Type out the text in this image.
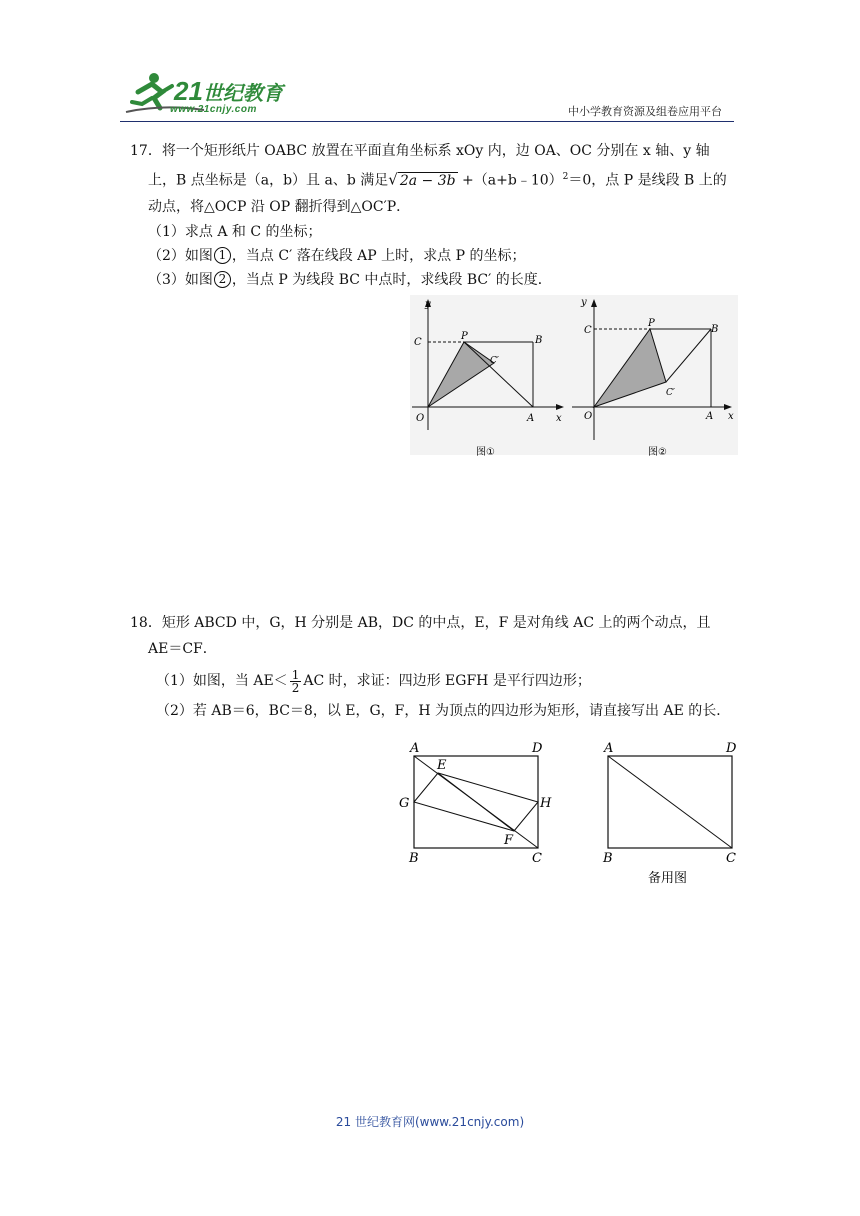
21世纪教育
www.21cnjy.com	中小学教育资源及组卷应用平台
17．将一个矩形纸片 OABC 放置在平面直角坐标系 xOy 内，边 OA、OC 分别在 x 轴、y 轴
上，B 点坐标是（a，b）且 a、b 满足√ 2a − 3b +（a+b﹣10）$^2$＝0，点 P 是线段 B 上的
动点，将△OCP 沿 OP 翻折得到△OC′P．
（1）求点 A 和 C 的坐标；
（2）如图 1 ，当点 C′ 落在线段 AP 上时，求点 P 的坐标；
（3）如图 2 ，当点 P 为线段 BC 中点时，求线段 BC′ 的长度．
y
x
C
P	B
C′
O	A
图①
y
x
C
P
B
C′
O	A
图②
18．矩形 ABCD 中，G，H 分别是 AB，DC 的中点，E，F 是对角线 AC 上的两个动点，且
AE＝CF．
（1）如图，当 $AE< \frac{1}{2}$ AC 时，求证：四边形 EGFH 是平行四边形；
（2）若 AB＝6，BC＝8，以 E，G，F，H 为顶点的四边形为矩形，请直接写出 AE 的长．
A	D
E
G	H
F
B	C
A	D
B	C
备用图
21 世纪教育网(www.21cnjy.com)
